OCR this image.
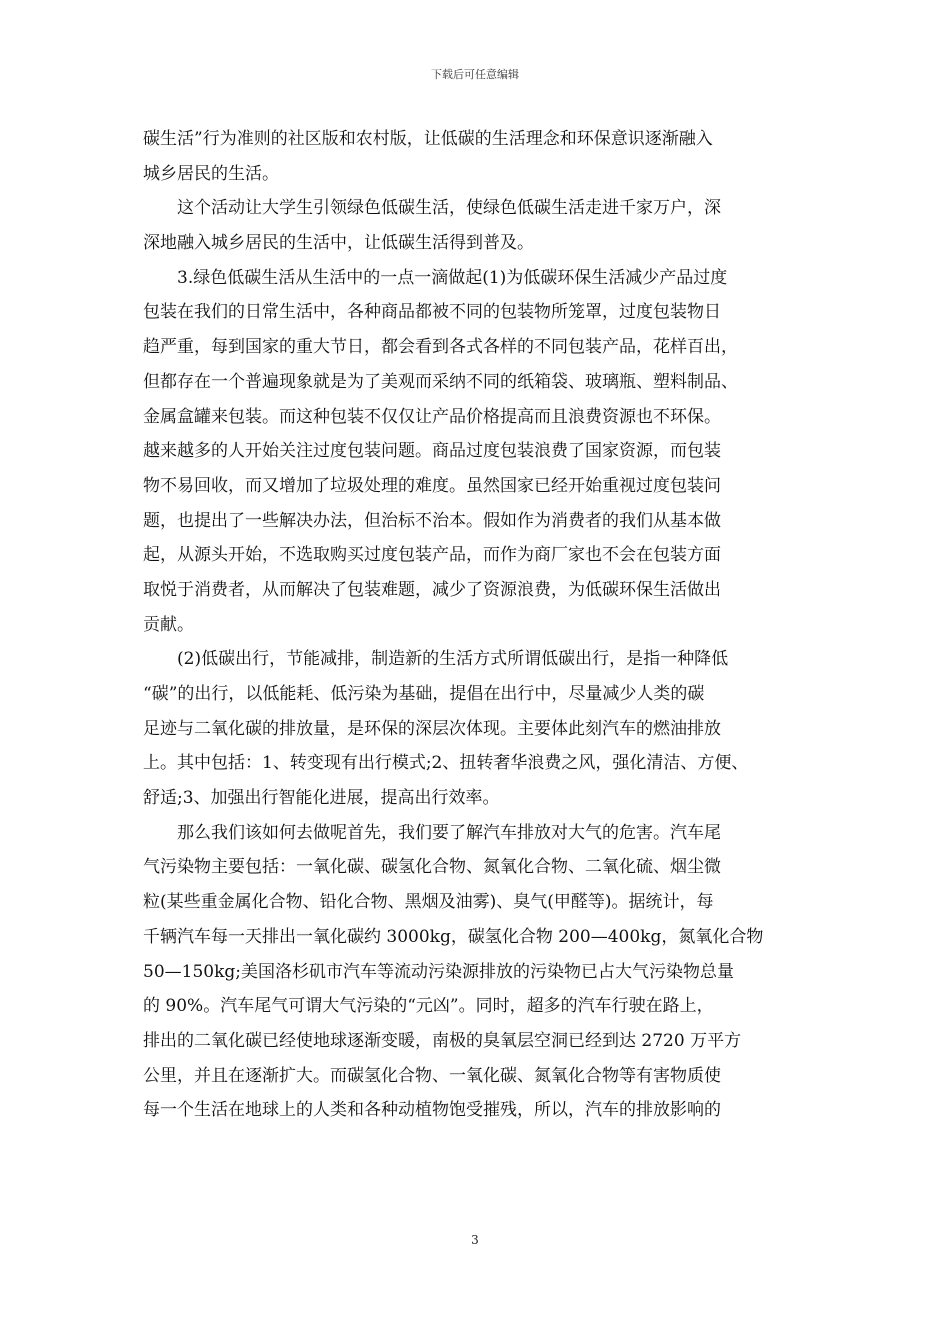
下载后可任意编辑
碳生活”行为准则的社区版和农村版，让低碳的生活理念和环保意识逐渐融入
城乡居民的生活。
这个活动让大学生引领绿色低碳生活，使绿色低碳生活走进千家万户，深
深地融入城乡居民的生活中，让低碳生活得到普及。
3.绿色低碳生活从生活中的一点一滴做起(1)为低碳环保生活减少产品过度
包装在我们的日常生活中，各种商品都被不同的包装物所笼罩，过度包装物日
趋严重，每到国家的重大节日，都会看到各式各样的不同包装产品，花样百出，
但都存在一个普遍现象就是为了美观而采纳不同的纸箱袋、玻璃瓶、塑料制品、
金属盒罐来包装。而这种包装不仅仅让产品价格提高而且浪费资源也不环保。
越来越多的人开始关注过度包装问题。商品过度包装浪费了国家资源，而包装
物不易回收，而又增加了垃圾处理的难度。虽然国家已经开始重视过度包装问
题，也提出了一些解决办法，但治标不治本。假如作为消费者的我们从基本做
起，从源头开始，不选取购买过度包装产品，而作为商厂家也不会在包装方面
取悦于消费者，从而解决了包装难题，减少了资源浪费，为低碳环保生活做出
贡献。
(2)低碳出行，节能减排，制造新的生活方式所谓低碳出行，是指一种降低
“碳”的出行，以低能耗、低污染为基础，提倡在出行中，尽量减少人类的碳
足迹与二氧化碳的排放量，是环保的深层次体现。主要体此刻汽车的燃油排放
上。其中包括：1、转变现有出行模式;2、扭转奢华浪费之风，强化清洁、方便、
舒适;3、加强出行智能化进展，提高出行效率。
那么我们该如何去做呢首先，我们要了解汽车排放对大气的危害。汽车尾
气污染物主要包括：一氧化碳、碳氢化合物、氮氧化合物、二氧化硫、烟尘微
粒(某些重金属化合物、铅化合物、黑烟及油雾)、臭气(甲醛等)。据统计，每
千辆汽车每一天排出一氧化碳约 3000kg，碳氢化合物 200—400kg，氮氧化合物
50—150kg;美国洛杉矶市汽车等流动污染源排放的污染物已占大气污染物总量
的 90%。汽车尾气可谓大气污染的“元凶”。同时，超多的汽车行驶在路上，
排出的二氧化碳已经使地球逐渐变暖，南极的臭氧层空洞已经到达 2720 万平方
公里，并且在逐渐扩大。而碳氢化合物、一氧化碳、氮氧化合物等有害物质使
每一个生活在地球上的人类和各种动植物饱受摧残，所以，汽车的排放影响的
3
